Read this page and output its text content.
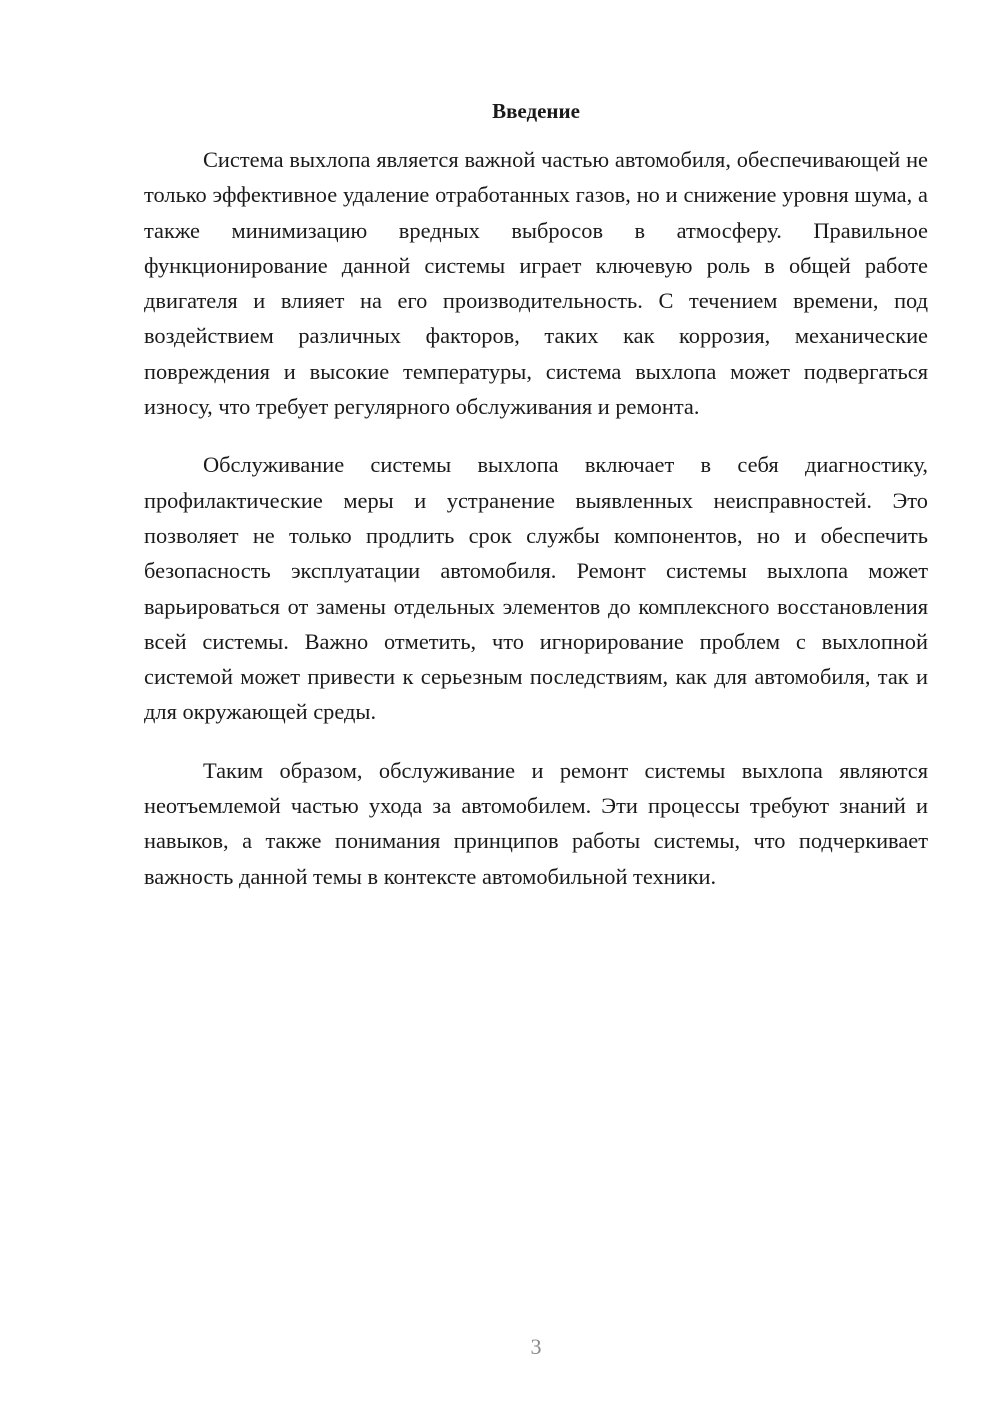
Введение

Система выхлопа является важной частью автомобиля, обеспечивающей не только эффективное удаление отработанных газов, но и снижение уровня шума, а также минимизацию вредных выбросов в атмосферу. Правильное функционирование данной системы играет ключевую роль в общей работе двигателя и влияет на его производительность. С течением времени, под воздействием различных факторов, таких как коррозия, механические повреждения и высокие температуры, система выхлопа может подвергаться износу, что требует регулярного обслуживания и ремонта.

Обслуживание системы выхлопа включает в себя диагностику, профилактические меры и устранение выявленных неисправностей. Это позволяет не только продлить срок службы компонентов, но и обеспечить безопасность эксплуатации автомобиля. Ремонт системы выхлопа может варьироваться от замены отдельных элементов до комплексного восстановления всей системы. Важно отметить, что игнорирование проблем с выхлопной системой может привести к серьезным последствиям, как для автомобиля, так и для окружающей среды.

Таким образом, обслуживание и ремонт системы выхлопа являются неотъемлемой частью ухода за автомобилем. Эти процессы требуют знаний и навыков, а также понимания принципов работы системы, что подчеркивает важность данной темы в контексте автомобильной техники.

3
